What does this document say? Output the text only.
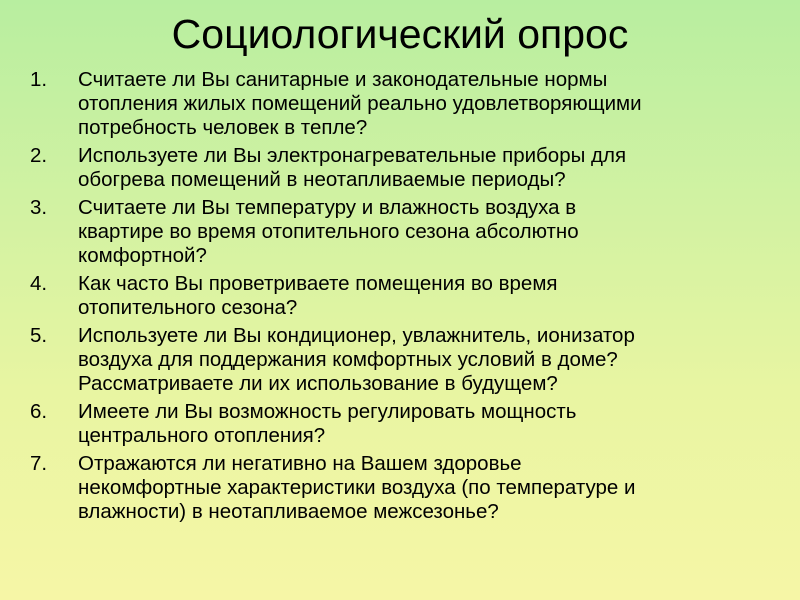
Социологический опрос
1.	Считаете ли Вы санитарные и законодательные нормы
отопления жилых помещений реально удовлетворяющими
потребность человек в тепле?
2.	Используете ли Вы электронагревательные приборы для
обогрева помещений в неотапливаемые периоды?
3.	Считаете ли Вы температуру и влажность воздуха в
квартире во время отопительного сезона абсолютно
комфортной?
4.	Как часто Вы проветриваете помещения во время
отопительного сезона?
5.	Используете ли Вы кондиционер, увлажнитель, ионизатор
воздуха для поддержания комфортных условий в доме?
Рассматриваете ли их использование в будущем?
6.	Имеете ли Вы возможность регулировать мощность
центрального отопления?
7.	Отражаются ли негативно на Вашем здоровье
некомфортные характеристики воздуха (по температуре и
влажности) в неотапливаемое межсезонье?
